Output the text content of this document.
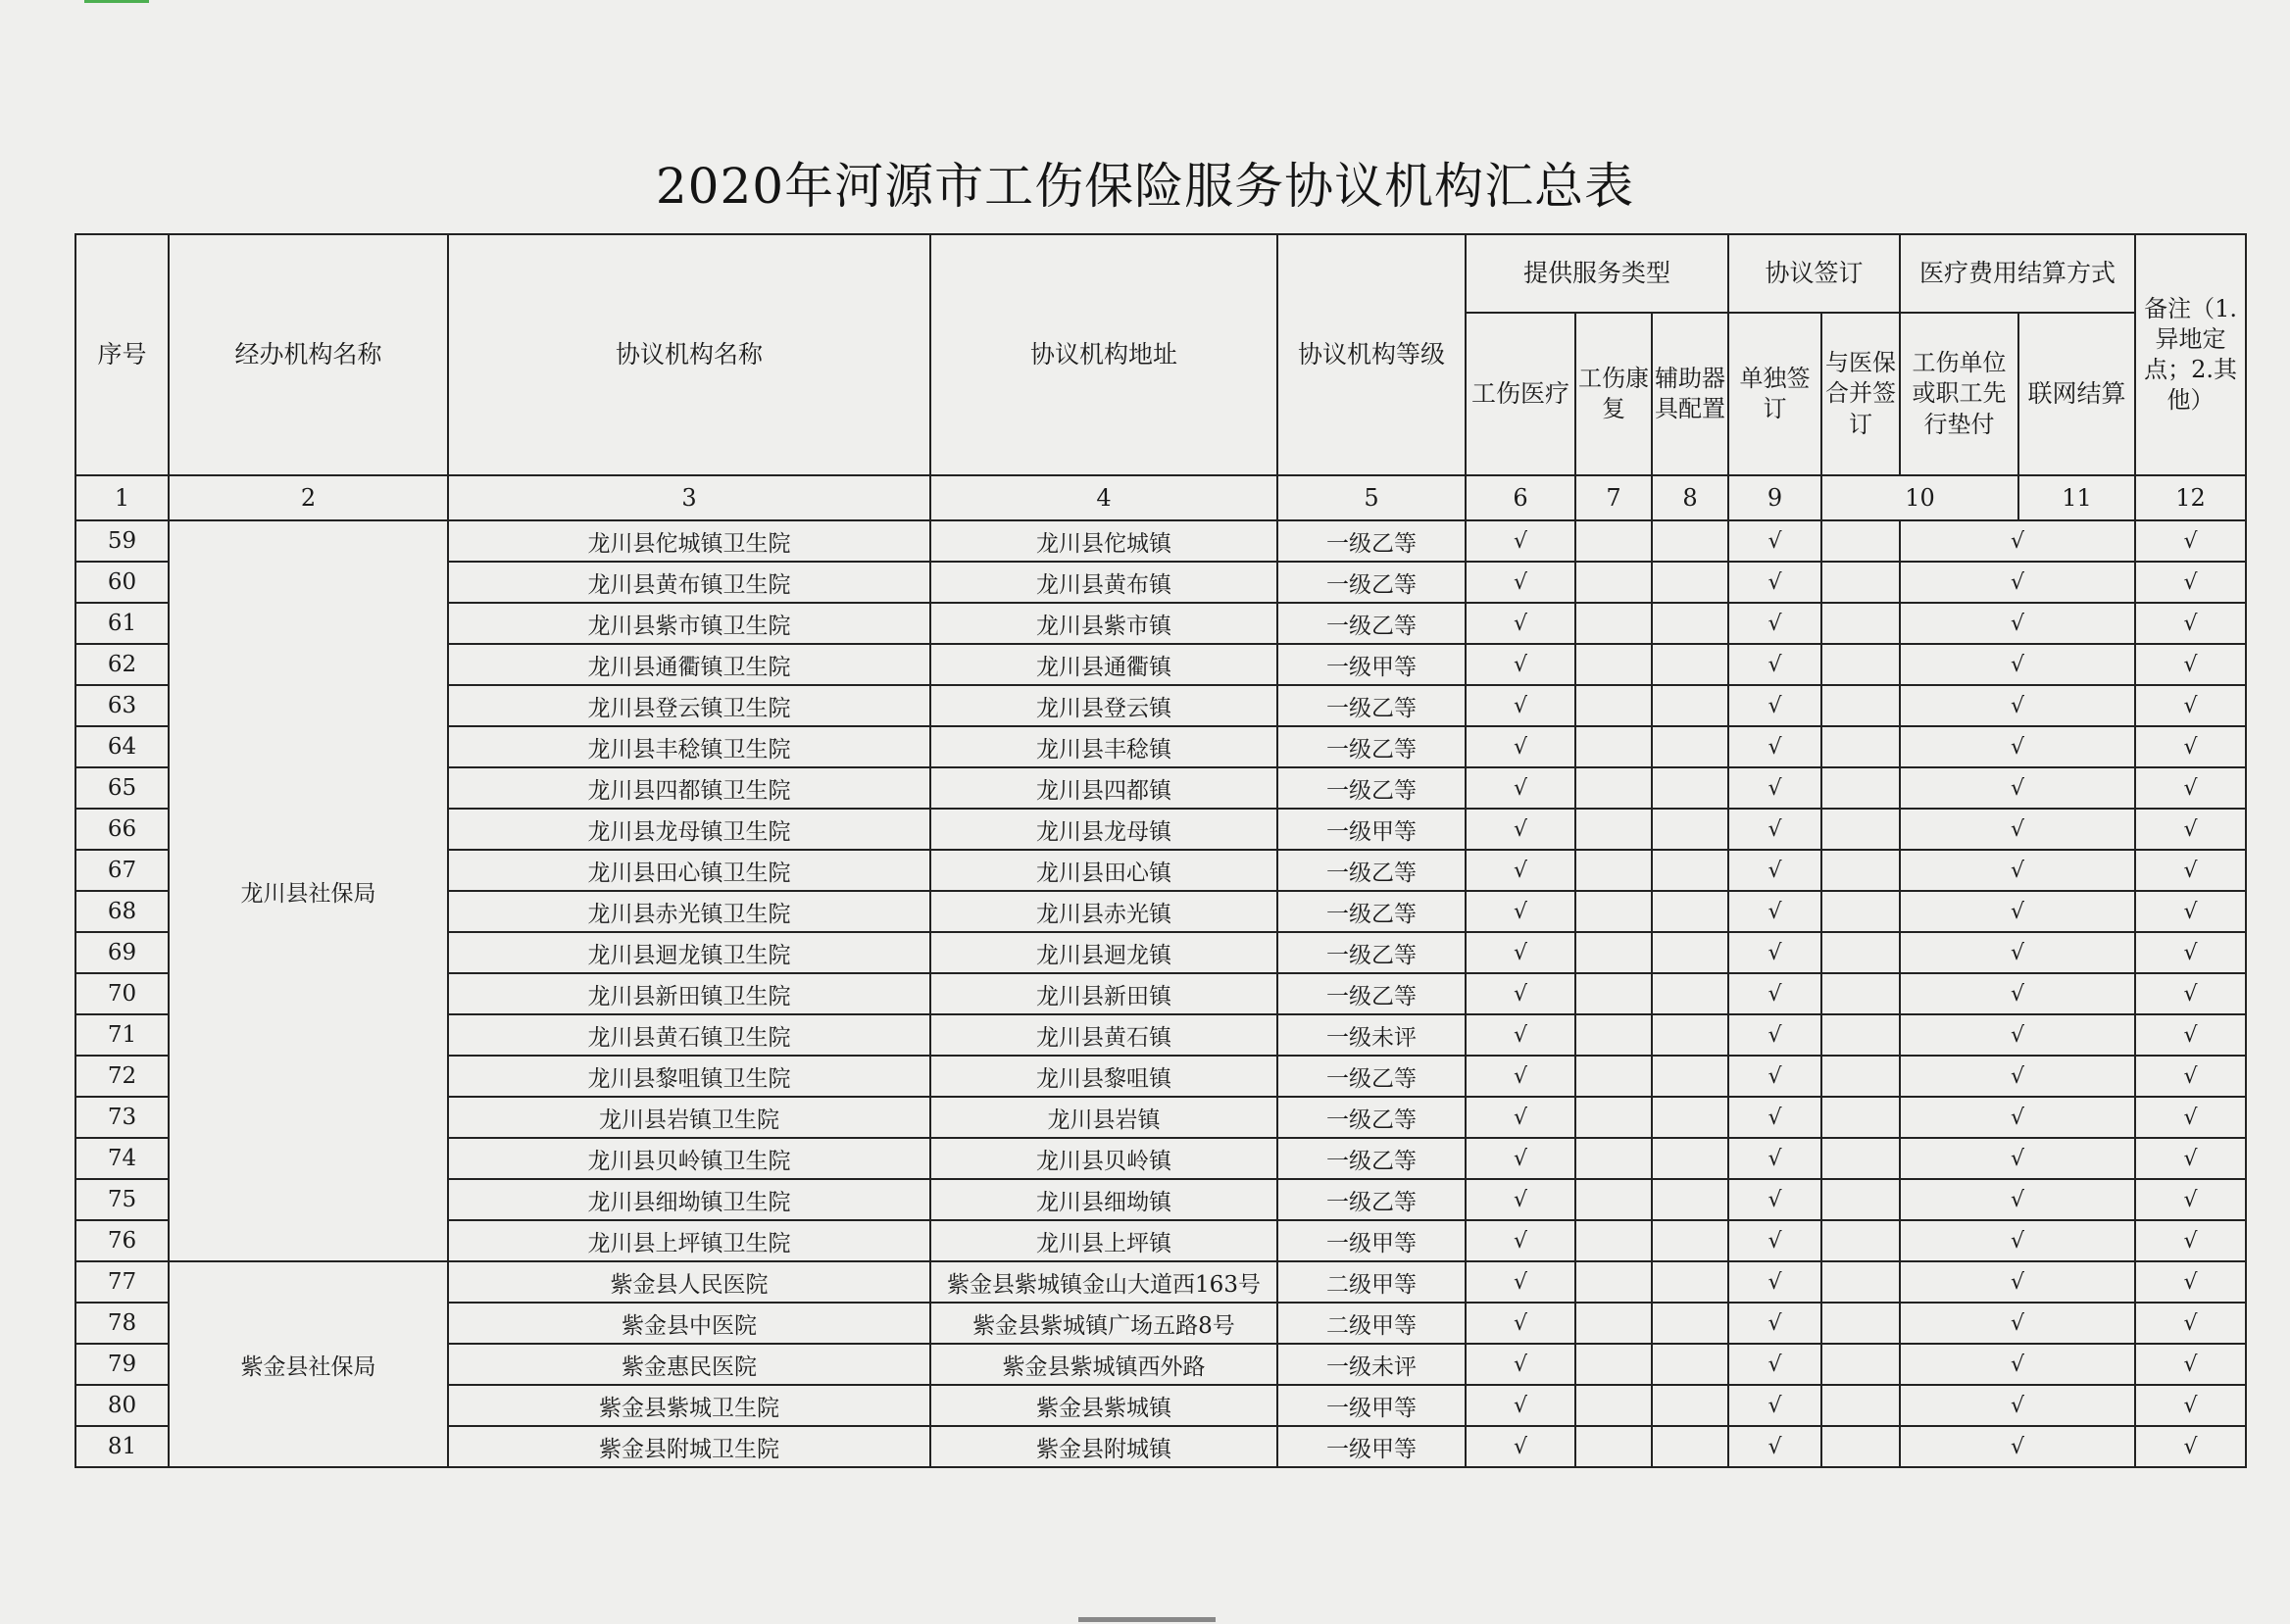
2020年河源市工伤保险服务协议机构汇总表
序号	经办机构名称	协议机构名称	协议机构地址	协议机构等级	提供服务类型			协议签订		医疗费用结算方式		备注（1.异地定点；2.其他）	
					工伤医疗	工伤康复	辅助器具配置	单独签订	与医保合并签订	工伤单位或职工先行垫付	联网结算		
1	2	3	4	5	6	7	8	9	10		11	12	
59	龙川县社保局	龙川县佗城镇卫生院	龙川县佗城镇	一级乙等	√			√		√		√	
60		龙川县黄布镇卫生院	龙川县黄布镇	一级乙等	√			√		√		√	
61		龙川县紫市镇卫生院	龙川县紫市镇	一级乙等	√			√		√		√	
62		龙川县通衢镇卫生院	龙川县通衢镇	一级甲等	√			√		√		√	
63		龙川县登云镇卫生院	龙川县登云镇	一级乙等	√			√		√		√	
64		龙川县丰稔镇卫生院	龙川县丰稔镇	一级乙等	√			√		√		√	
65		龙川县四都镇卫生院	龙川县四都镇	一级乙等	√			√		√		√	
66		龙川县龙母镇卫生院	龙川县龙母镇	一级甲等	√			√		√		√	
67		龙川县田心镇卫生院	龙川县田心镇	一级乙等	√			√		√		√	
68		龙川县赤光镇卫生院	龙川县赤光镇	一级乙等	√			√		√		√	
69		龙川县迴龙镇卫生院	龙川县迴龙镇	一级乙等	√			√		√		√	
70		龙川县新田镇卫生院	龙川县新田镇	一级乙等	√			√		√		√	
71		龙川县黄石镇卫生院	龙川县黄石镇	一级未评	√			√		√		√	
72		龙川县黎咀镇卫生院	龙川县黎咀镇	一级乙等	√			√		√		√	
73		龙川县岩镇卫生院	龙川县岩镇	一级乙等	√			√		√		√	
74		龙川县贝岭镇卫生院	龙川县贝岭镇	一级乙等	√			√		√		√	
75		龙川县细坳镇卫生院	龙川县细坳镇	一级乙等	√			√		√		√	
76		龙川县上坪镇卫生院	龙川县上坪镇	一级甲等	√			√		√		√	
77	紫金县社保局	紫金县人民医院	紫金县紫城镇金山大道西163号	二级甲等	√			√		√		√	
78		紫金县中医院	紫金县紫城镇广场五路8号	二级甲等	√			√		√		√	
79		紫金惠民医院	紫金县紫城镇西外路	一级未评	√			√		√		√	
80		紫金县紫城卫生院	紫金县紫城镇	一级甲等	√			√		√		√	
81		紫金县附城卫生院	紫金县附城镇	一级甲等	√			√		√		√	
